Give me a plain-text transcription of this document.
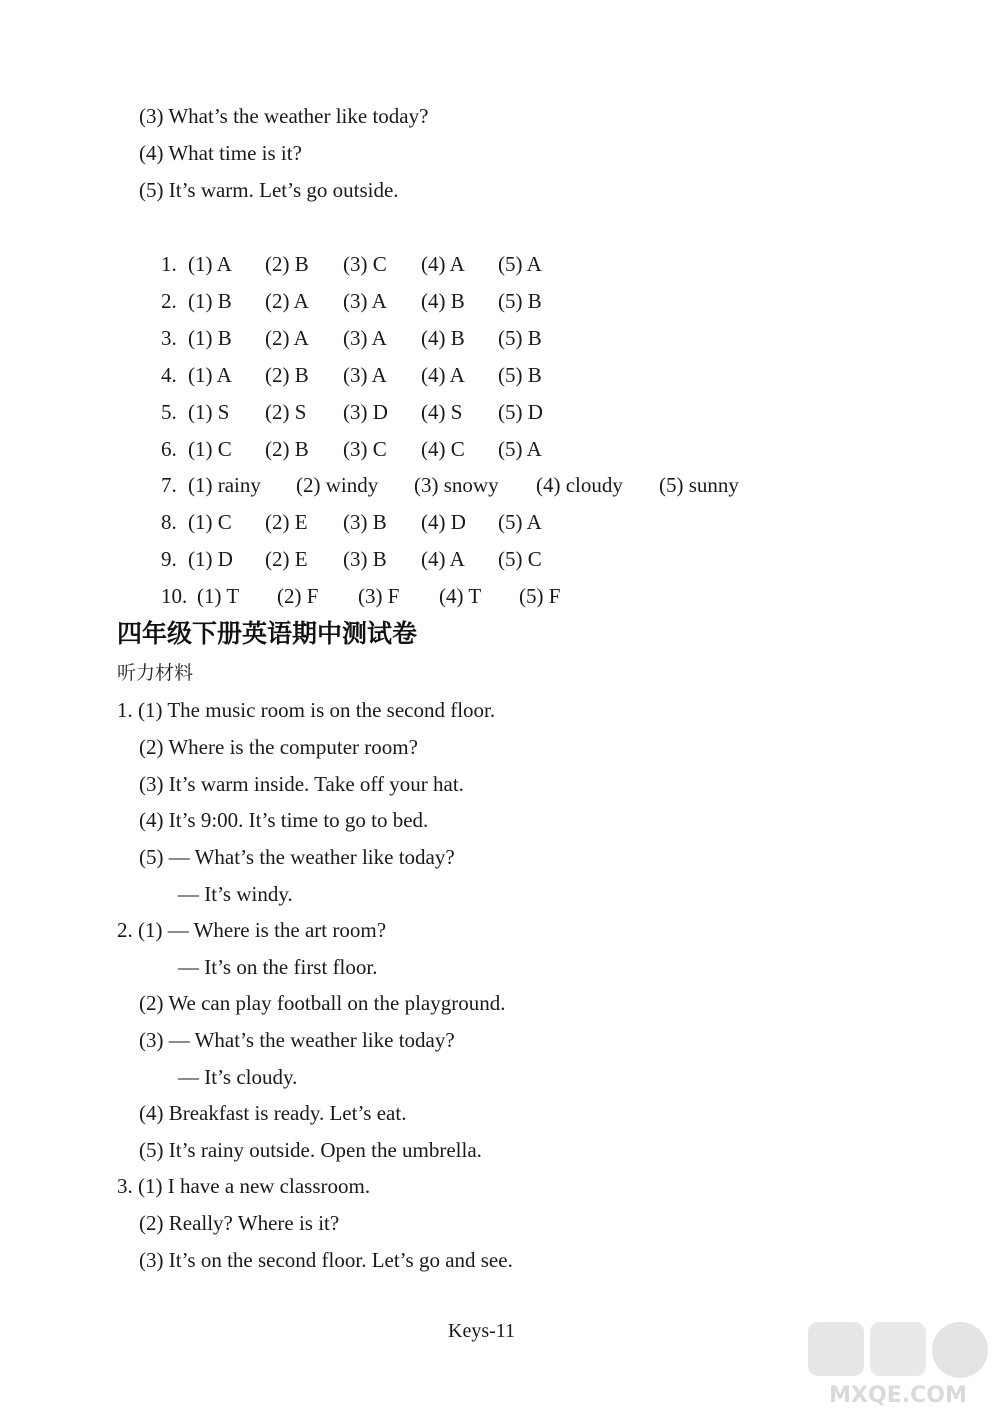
(3) What’s the weather like today?
(4) What time is it?
(5) It’s warm. Let’s go outside.
1. (1) A (2) B (3) C (4) A (5) A
2. (1) B (2) A (3) A (4) B (5) B
3. (1) B (2) A (3) A (4) B (5) B
4. (1) A (2) B (3) A (4) A (5) B
5. (1) S (2) S (3) D (4) S (5) D
6. (1) C (2) B (3) C (4) C (5) A
7. (1) rainy (2) windy (3) snowy (4) cloudy (5) sunny
8. (1) C (2) E (3) B (4) D (5) A
9. (1) D (2) E (3) B (4) A (5) C
10. (1) T (2) F (3) F (4) T (5) F
四年级下册英语期中测试卷
听力材料
1. (1) The music room is on the second floor.
(2) Where is the computer room?
(3) It’s warm inside. Take off your hat.
(4) It’s 9:00. It’s time to go to bed.
(5) — What’s the weather like today?
— It’s windy.
2. (1) — Where is the art room?
— It’s on the first floor.
(2) We can play football on the playground.
(3) — What’s the weather like today?
— It’s cloudy.
(4) Breakfast is ready. Let’s eat.
(5) It’s rainy outside. Open the umbrella.
3. (1) I have a new classroom.
(2) Really? Where is it?
(3) It’s on the second floor. Let’s go and see.
Keys-11
MXQE.COM
